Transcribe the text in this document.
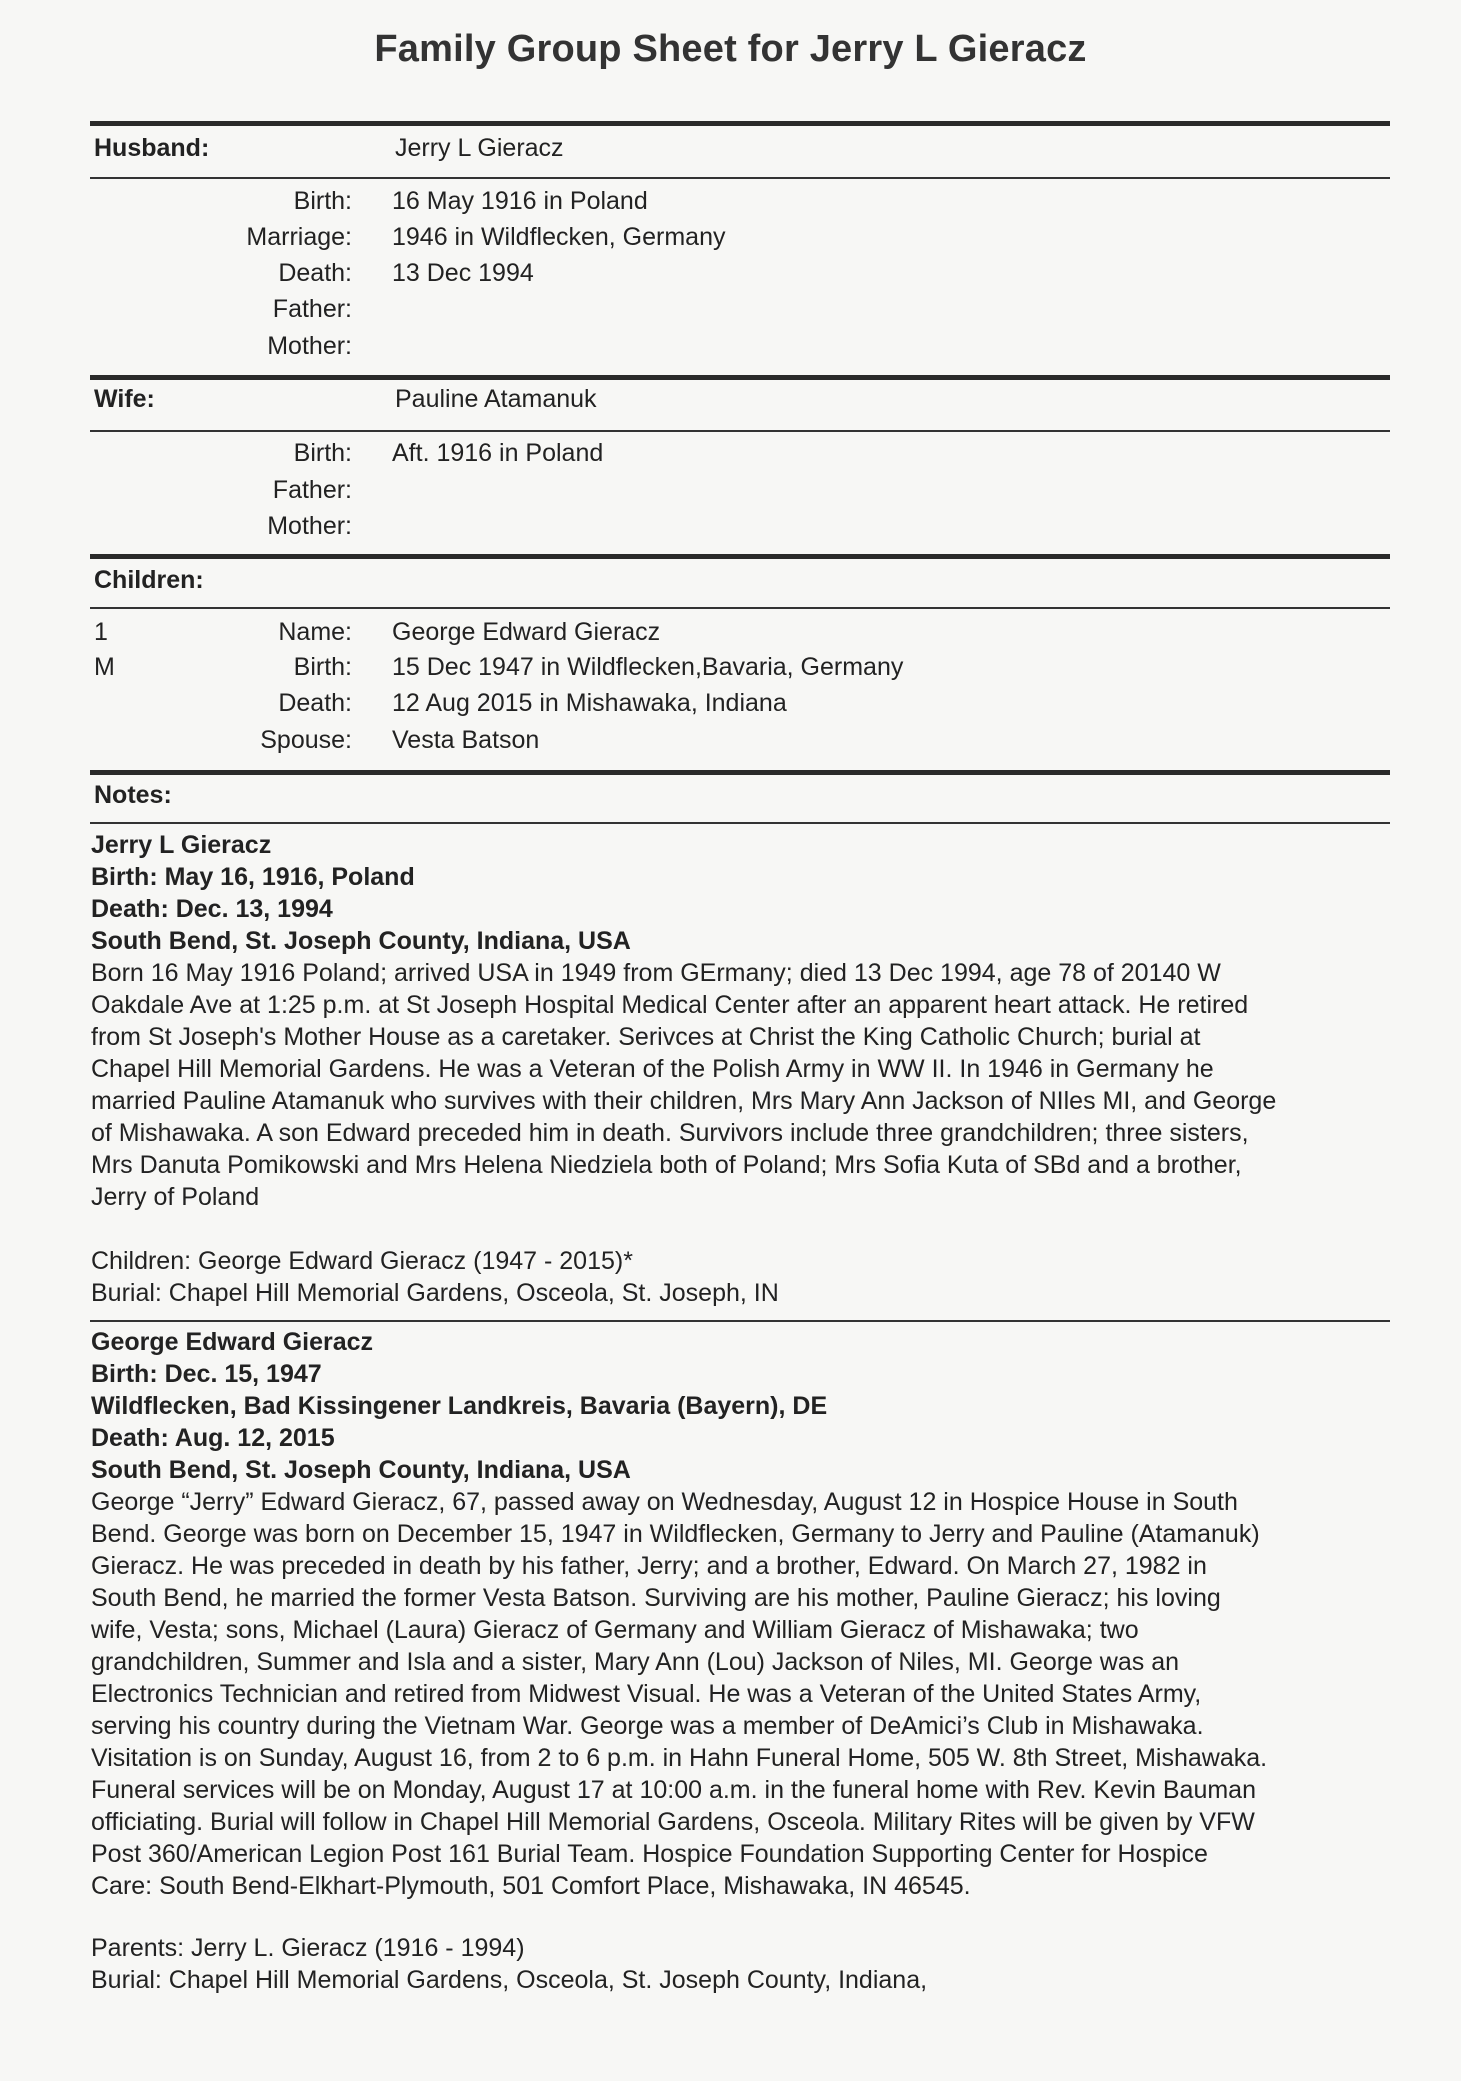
Family Group Sheet for Jerry L Gieracz
Husband:	Jerry L Gieracz
Birth: 16 May 1916 in Poland
Marriage: 1946 in Wildflecken, Germany
Death: 13 Dec 1994
Father:
Mother:
Wife:	Pauline Atamanuk
Birth: Aft. 1916 in Poland
Father:
Mother:
Children:
1
M
Name: George Edward Gieracz
Birth: 15 Dec 1947 in Wildflecken,Bavaria, Germany
Death: 12 Aug 2015 in Mishawaka, Indiana
Spouse: Vesta Batson
Notes:
Jerry L Gieracz
Birth: May 16, 1916, Poland
Death: Dec. 13, 1994
South Bend, St. Joseph County, Indiana, USA
Born 16 May 1916 Poland; arrived USA in 1949 from GErmany; died 13 Dec 1994, age 78 of 20140 W
Oakdale Ave at 1:25 p.m. at St Joseph Hospital Medical Center after an apparent heart attack. He retired
from St Joseph's Mother House as a caretaker. Serivces at Christ the King Catholic Church; burial at
Chapel Hill Memorial Gardens. He was a Veteran of the Polish Army in WW II. In 1946 in Germany he
married Pauline Atamanuk who survives with their children, Mrs Mary Ann Jackson of NIles MI, and George
of Mishawaka. A son Edward preceded him in death. Survivors include three grandchildren; three sisters,
Mrs Danuta Pomikowski and Mrs Helena Niedziela both of Poland; Mrs Sofia Kuta of SBd and a brother,
Jerry of Poland
Children: George Edward Gieracz (1947 - 2015)*
Burial: Chapel Hill Memorial Gardens, Osceola, St. Joseph, IN
George Edward Gieracz
Birth: Dec. 15, 1947
Wildflecken, Bad Kissingener Landkreis, Bavaria (Bayern), DE
Death: Aug. 12, 2015
South Bend, St. Joseph County, Indiana, USA
George “Jerry” Edward Gieracz, 67, passed away on Wednesday, August 12 in Hospice House in South
Bend. George was born on December 15, 1947 in Wildflecken, Germany to Jerry and Pauline (Atamanuk)
Gieracz. He was preceded in death by his father, Jerry; and a brother, Edward. On March 27, 1982 in
South Bend, he married the former Vesta Batson. Surviving are his mother, Pauline Gieracz; his loving
wife, Vesta; sons, Michael (Laura) Gieracz of Germany and William Gieracz of Mishawaka; two
grandchildren, Summer and Isla and a sister, Mary Ann (Lou) Jackson of Niles, MI. George was an
Electronics Technician and retired from Midwest Visual. He was a Veteran of the United States Army,
serving his country during the Vietnam War. George was a member of DeAmici’s Club in Mishawaka.
Visitation is on Sunday, August 16, from 2 to 6 p.m. in Hahn Funeral Home, 505 W. 8th Street, Mishawaka.
Funeral services will be on Monday, August 17 at 10:00 a.m. in the funeral home with Rev. Kevin Bauman
officiating. Burial will follow in Chapel Hill Memorial Gardens, Osceola. Military Rites will be given by VFW
Post 360/American Legion Post 161 Burial Team. Hospice Foundation Supporting Center for Hospice
Care: South Bend-Elkhart-Plymouth, 501 Comfort Place, Mishawaka, IN 46545.
Parents: Jerry L. Gieracz (1916 - 1994)
Burial: Chapel Hill Memorial Gardens, Osceola, St. Joseph County, Indiana,
